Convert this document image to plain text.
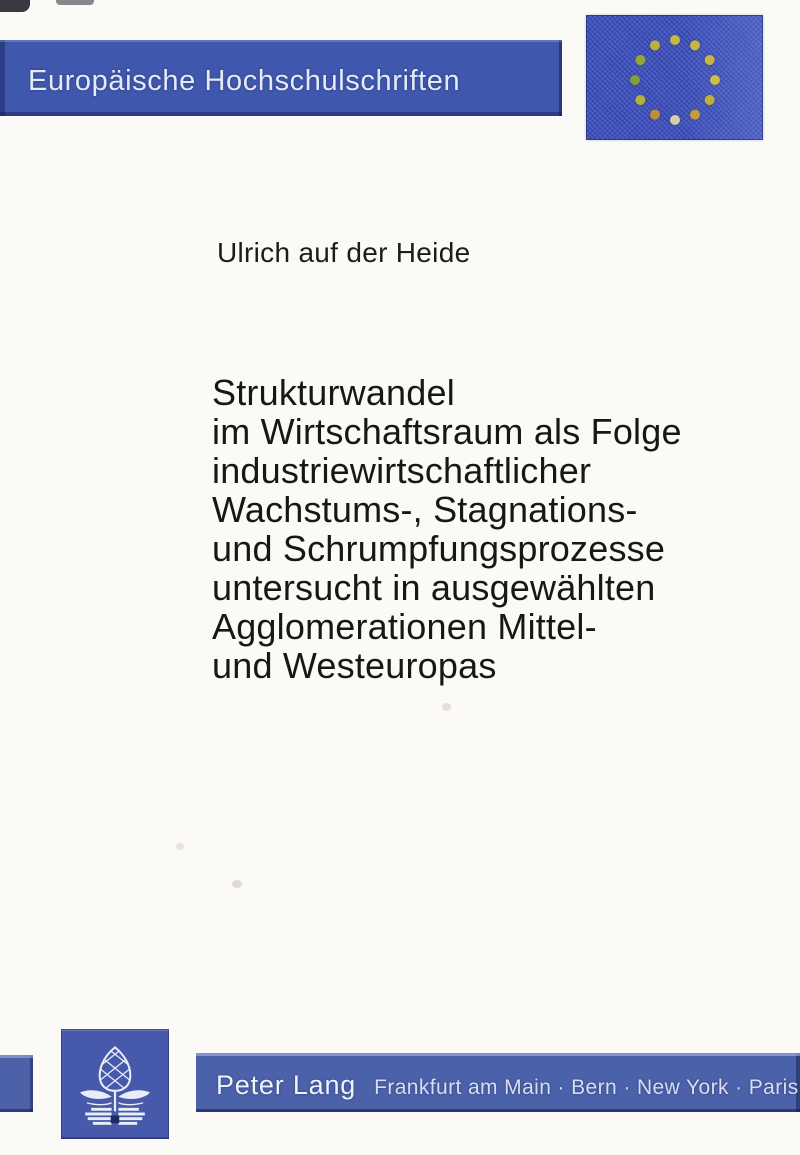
Europäische Hochschulschriften
Ulrich auf der Heide
Strukturwandel
im Wirtschaftsraum als Folge
industriewirtschaftlicher
Wachstums-, Stagnations-
und Schrumpfungsprozesse
untersucht in ausgewählten
Agglomerationen Mittel-
und Westeuropas
Peter Lang Frankfurt am Main · Bern · New York · Paris
